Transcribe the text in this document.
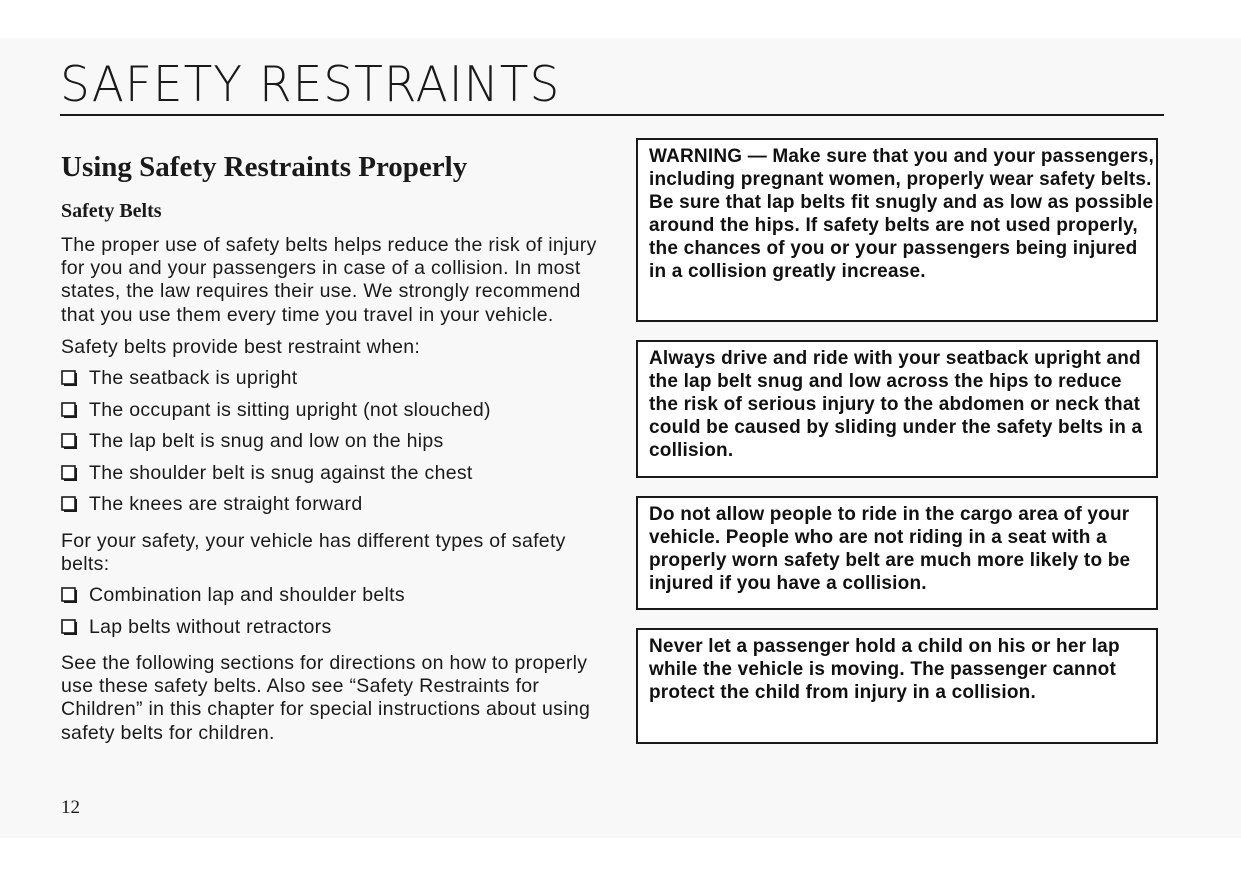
SAFETY RESTRAINTS
Using Safety Restraints Properly
Safety Belts

The proper use of safety belts helps reduce the risk of injury for you and your passengers in case of a collision. In most states, the law requires their use. We strongly recommend that you use them every time you travel in your vehicle.

Safety belts provide best restraint when:

The seatback is upright
The occupant is sitting upright (not slouched)
The lap belt is snug and low on the hips
The shoulder belt is snug against the chest
The knees are straight forward

For your safety, your vehicle has different types of safety belts:

Combination lap and shoulder belts
Lap belts without retractors

See the following sections for directions on how to properly use these safety belts. Also see “Safety Restraints for Children” in this chapter for special instructions about using safety belts for children.

12

WARNING — Make sure that you and your passengers, including pregnant women, properly wear safety belts. Be sure that lap belts fit snugly and as low as possible around the hips. If safety belts are not used properly, the chances of you or your passengers being injured in a collision greatly increase.

Always drive and ride with your seatback upright and the lap belt snug and low across the hips to reduce the risk of serious injury to the abdomen or neck that could be caused by sliding under the safety belts in a collision.

Do not allow people to ride in the cargo area of your vehicle. People who are not riding in a seat with a properly worn safety belt are much more likely to be injured if you have a collision.

Never let a passenger hold a child on his or her lap while the vehicle is moving. The passenger cannot protect the child from injury in a collision.
